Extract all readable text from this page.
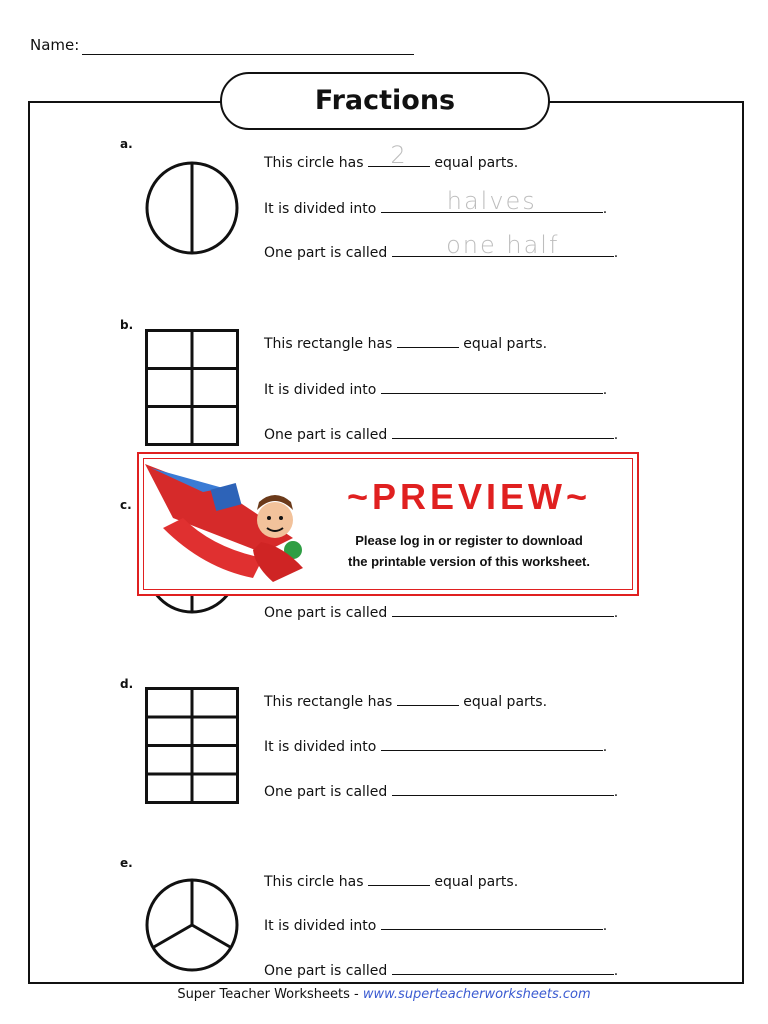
Name:
Fractions
a.
This circle has	2	equal parts.
It is divided into	halves	.
One part is called	one half	.
b.
This rectangle has	equal parts.
It is divided into	.
One part is called	.
c.
One part is called	.
~PREVIEW~
Please log in or register to download
the printable version of this worksheet.
d.
This rectangle has	equal parts.
It is divided into	.
One part is called	.
e.
This circle has	equal parts.
It is divided into	.
One part is called	.
Super Teacher Worksheets - www.superteacherworksheets.com
